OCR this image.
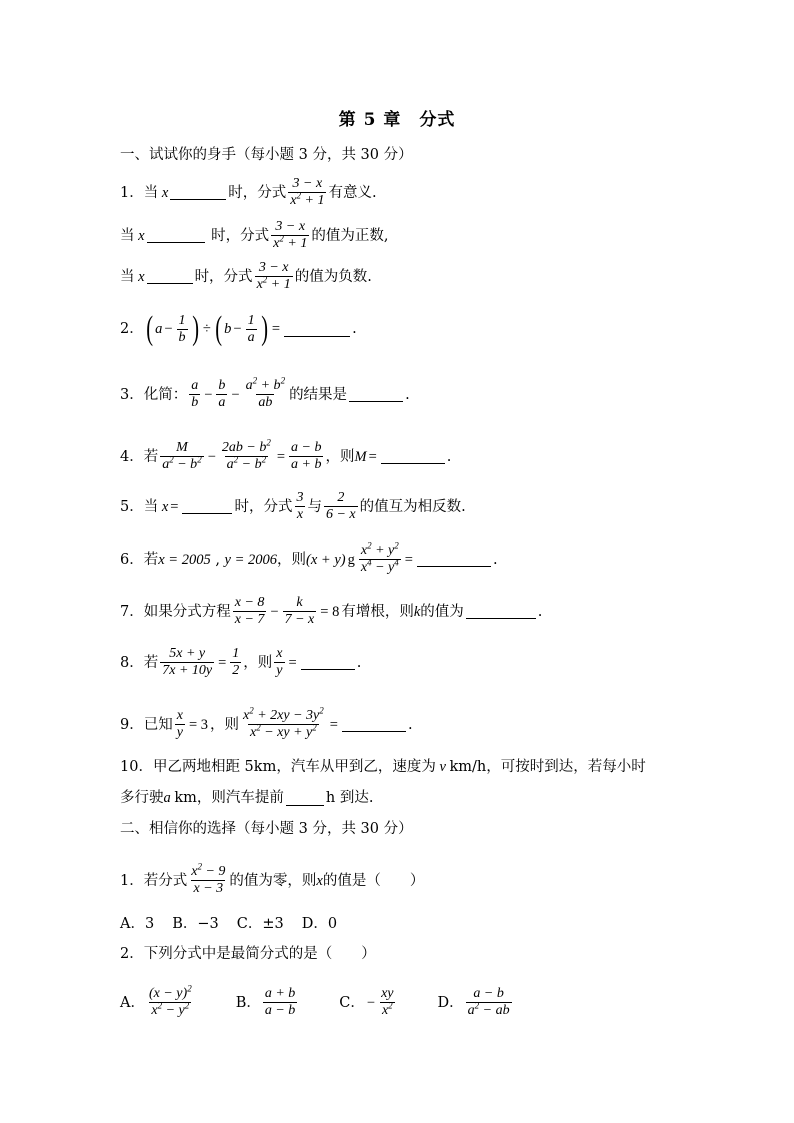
第 5 章　分式
一、试试你的身手（每小题 3 分，共 30 分）
1．当 x	时，分式 $\frac{3 - x}{x^2 + 1}$ 有意义.
当 x
	时，分式 $\frac{3 - x}{x^2 + 1}$ 的值为正数,
当 x	时，分式 $\frac{3 - x}{x^2 + 1}$ 的值为负数.
2． ( $a - \frac{1}{b}$ ) ÷ ( $b - \frac{1}{a}$ ) =	.
3．化简： $\frac{a}{b} - \frac{b}{a} - \frac{a^2 + b^2}{ab}$ 的结果是	.
4．若 $\frac{M}{a^2 - b^2} - \frac{2ab - b^2}{a^2 - b^2} = \frac{a - b}{a + b}$ ，则 M =	.
5．当 x =	时，分式 $\frac{3}{x}$ 与 $\frac{2}{6 - x}$ 的值互为相反数.
6．若 x = 2005 , y = 2006 ，则 (x + y) g $\frac{x^2 + y^2}{x^4 - y^4}$ =	.
7．如果分式方程 $\frac{x - 8}{x - 7} - \frac{k}{7 - x} = 8$ 有增根，则 k 的值为	.
8．若 $\frac{5x + y}{7x + 10y} = \frac{1}{2}$ ，则 $\frac{x}{y}$ =	.
9．已知 $\frac{x}{y} = 3$ ，则 $\frac{x^2 + 2xy - 3y^2}{x^2 - xy + y^2}$ =	.
10．甲乙两地相距 5km，汽车从甲到乙，速度为 v km/h，可按时到达，若每小时
多行驶 a km，则汽车提前	h 到达.
二、相信你的选择（每小题 3 分，共 30 分）
1．若分式 $\frac{x^2 - 9}{x - 3}$ 的值为零，则 x 的值是（　　）
A．3 B．−3 C．±3 D．0
2．下列分式中是最简分式的是（　　）
A． $\frac{(x - y)^2}{x^2 - y^2}$	B． $\frac{a + b}{a - b}$	C． − $\frac{xy}{x^2}$	D． $\frac{a - b}{a^2 - ab}$
